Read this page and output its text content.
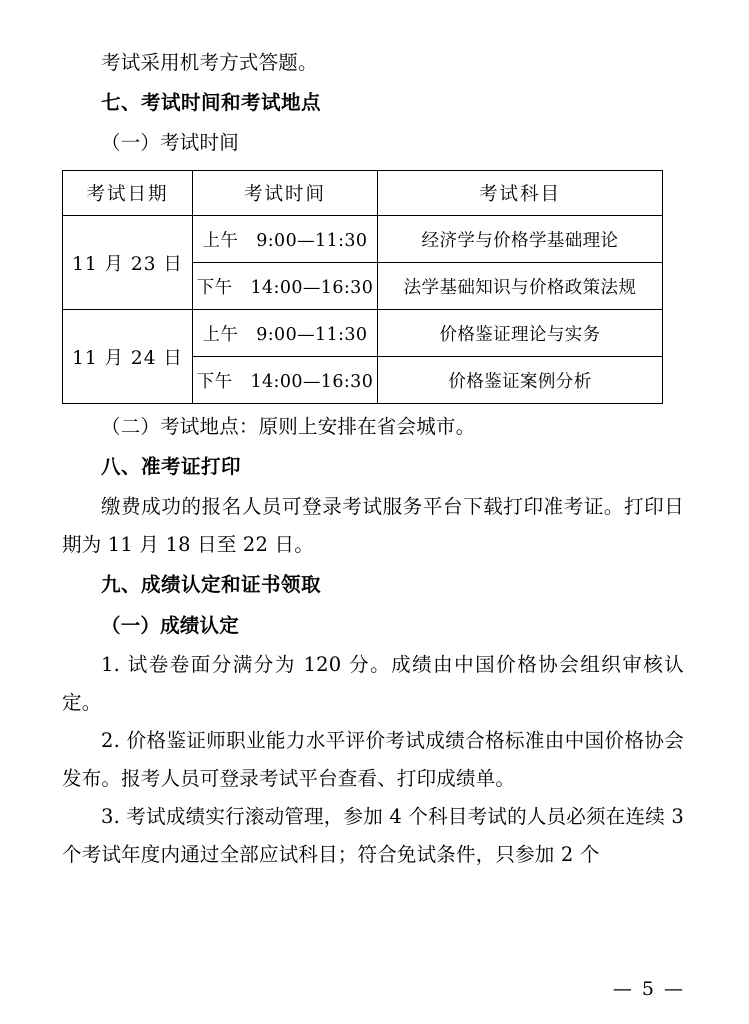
考试采用机考方式答题。

七、考试时间和考试地点

（一）考试时间

考试日期	考试时间	考试科目
11 月 23 日	上午　9:00—11:30	经济学与价格学基础理论
	下午　14:00—16:30	法学基础知识与价格政策法规
11 月 24 日	上午　9:00—11:30	价格鉴证理论与实务
	下午　14:00—16:30	价格鉴证案例分析

（二）考试地点：原则上安排在省会城市。

八、准考证打印

缴费成功的报名人员可登录考试服务平台下载打印准考证。打印日期为 11 月 18 日至 22 日。

九、成绩认定和证书领取

（一）成绩认定

1. 试卷卷面分满分为 120 分。成绩由中国价格协会组织审核认定。

2. 价格鉴证师职业能力水平评价考试成绩合格标准由中国价格协会发布。报考人员可登录考试平台查看、打印成绩单。

3. 考试成绩实行滚动管理，参加 4 个科目考试的人员必须在连续 3 个考试年度内通过全部应试科目；符合免试条件，只参加 2 个

— 5 —
